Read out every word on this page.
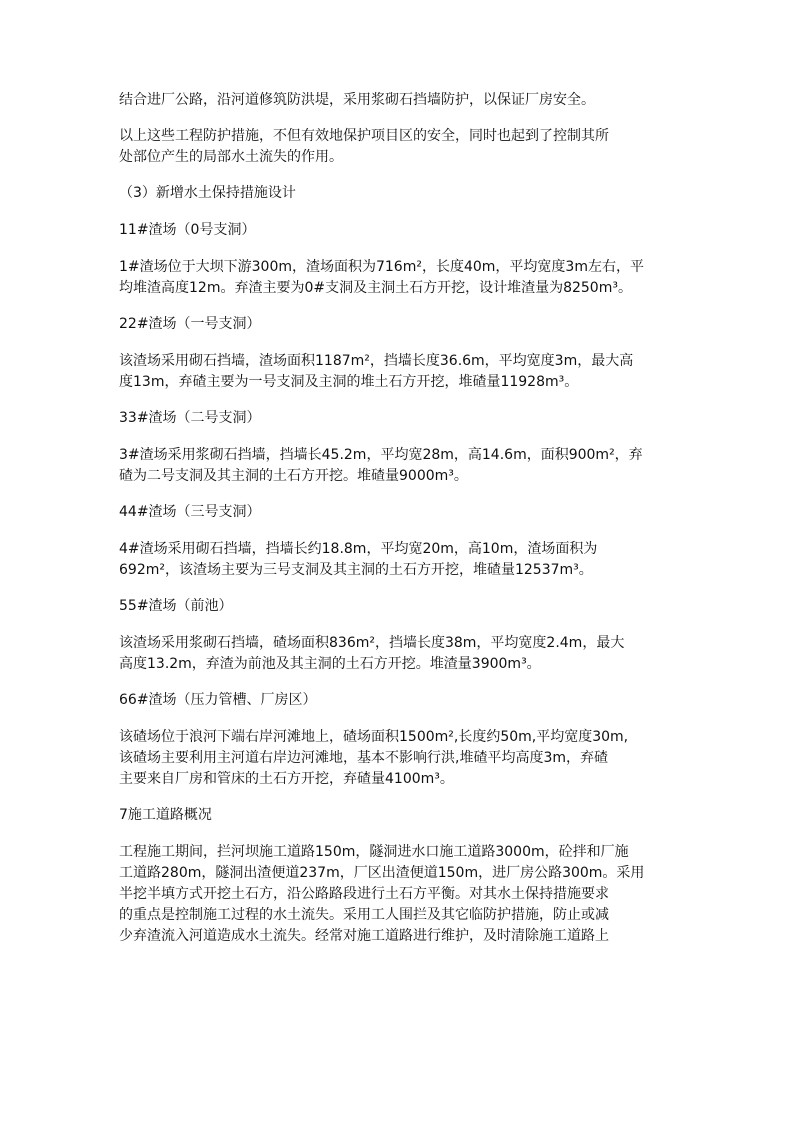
结合进厂公路，沿河道修筑防洪堤，采用浆砌石挡墙防护，以保证厂房安全。
以上这些工程防护措施，不但有效地保护项目区的安全，同时也起到了控制其所
处部位产生的局部水土流失的作用。
（3）新增水土保持措施设计
11#渣场（0号支洞）
1#渣场位于大坝下游300m，渣场面积为716m²，长度40m，平均宽度3m左右，平
均堆渣高度12m。弃渣主要为0#支洞及主洞土石方开挖，设计堆渣量为8250m³。
22#渣场（一号支洞）
该渣场采用砌石挡墙，渣场面积1187m²，挡墙长度36.6m，平均宽度3m，最大高
度13m，弃碴主要为一号支洞及主洞的堆土石方开挖，堆碴量11928m³。
33#渣场（二号支洞）
3#渣场采用浆砌石挡墙，挡墙长45.2m，平均宽28m，高14.6m，面积900m²，弃
碴为二号支洞及其主洞的土石方开挖。堆碴量9000m³。
44#渣场（三号支洞）
4#渣场采用砌石挡墙，挡墙长约18.8m，平均宽20m，高10m，渣场面积为
692m²，该渣场主要为三号支洞及其主洞的土石方开挖，堆碴量12537m³。
55#渣场（前池）
该渣场采用浆砌石挡墙，碴场面积836m²，挡墙长度38m，平均宽度2.4m，最大
高度13.2m，弃渣为前池及其主洞的土石方开挖。堆渣量3900m³。
66#渣场（压力管槽、厂房区）
该碴场位于浪河下端右岸河滩地上，碴场面积1500m²,长度约50m,平均宽度30m,
该碴场主要利用主河道右岸边河滩地，基本不影响行洪,堆碴平均高度3m，弃碴
主要来自厂房和管床的土石方开挖，弃碴量4100m³。
7施工道路概况
工程施工期间，拦河坝施工道路150m，隧洞进水口施工道路3000m，砼拌和厂施
工道路280m，隧洞出渣便道237m，厂区出渣便道150m，进厂房公路300m。采用
半挖半填方式开挖土石方，沿公路路段进行土石方平衡。对其水土保持措施要求
的重点是控制施工过程的水土流失。采用工人围拦及其它临防护措施，防止或减
少弃渣流入河道造成水土流失。经常对施工道路进行维护，及时清除施工道路上
